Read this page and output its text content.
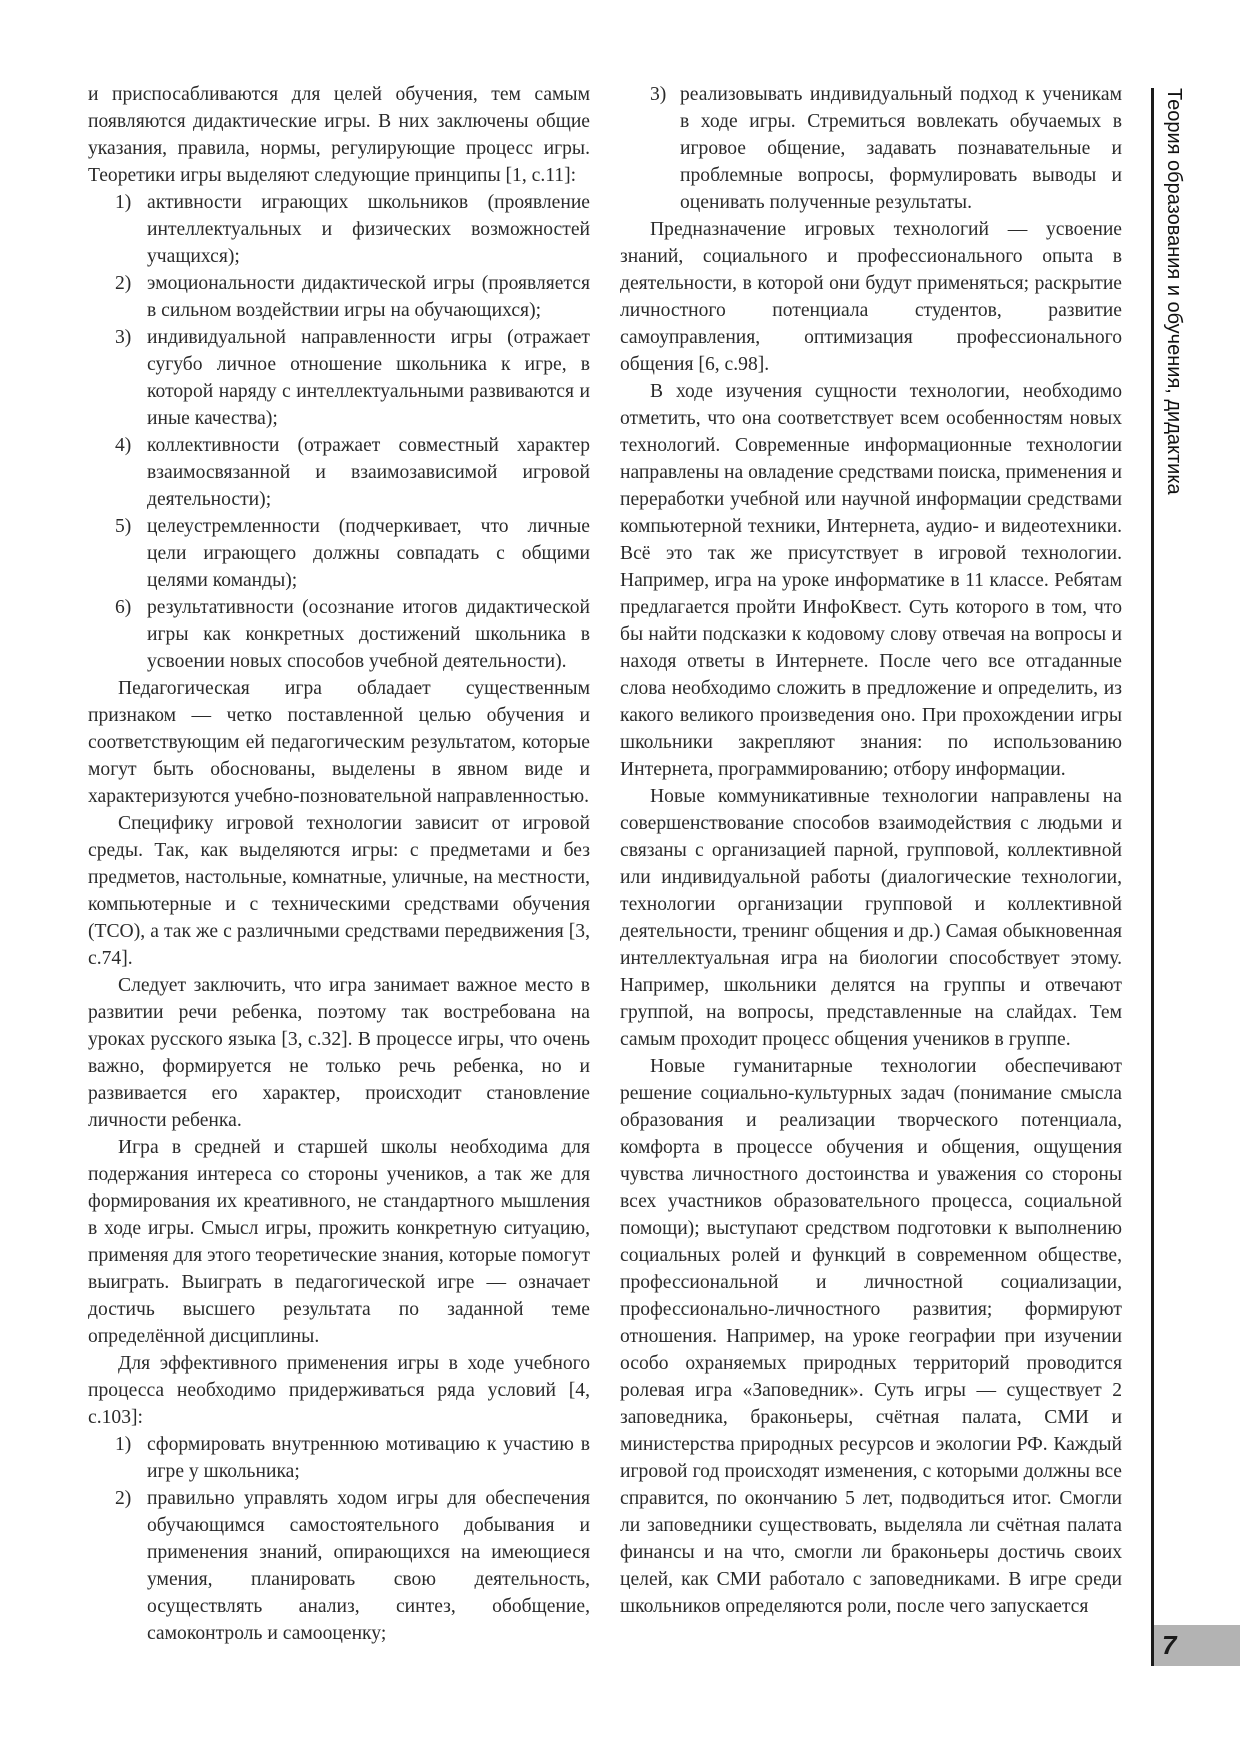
и приспосабливаются для целей обучения, тем самым появляются дидактические игры. В них заключены общие указания, правила, нормы, регулирующие процесс игры. Теоретики игры выделяют следующие принципы [1, с.11]:

1) активности играющих школьников (проявление интеллектуальных и физических возможностей учащихся);
2) эмоциональности дидактической игры (проявляется в сильном воздействии игры на обучающихся);
3) индивидуальной направленности игры (отражает сугубо личное отношение школьника к игре, в которой наряду с интеллектуальными развиваются и иные качества);
4) коллективности (отражает совместный характер взаимосвязанной и взаимозависимой игровой деятельности);
5) целеустремленности (подчеркивает, что личные цели играющего должны совпадать с общими целями команды);
6) результативности (осознание итогов дидактической игры как конкретных достижений школьника в усвоении новых способов учебной деятельности).

Педагогическая игра обладает существенным признаком — четко поставленной целью обучения и соответствующим ей педагогическим результатом, которые могут быть обоснованы, выделены в явном виде и характеризуются учебно-позновательной направленностью.

Специфику игровой технологии зависит от игровой среды. Так, как выделяются игры: с предметами и без предметов, настольные, комнатные, уличные, на местности, компьютерные и с техническими средствами обучения (ТСО), а так же с различными средствами передвижения [3, с.74].

Следует заключить, что игра занимает важное место в развитии речи ребенка, поэтому так востребована на уроках русского языка [3, с.32]. В процессе игры, что очень важно, формируется не только речь ребенка, но и развивается его характер, происходит становление личности ребенка.

Игра в средней и старшей школы необходима для подержания интереса со стороны учеников, а так же для формирования их креативного, не стандартного мышления в ходе игры. Смысл игры, прожить конкретную ситуацию, применяя для этого теоретические знания, которые помогут выиграть. Выиграть в педагогической игре — означает достичь высшего результата по заданной теме определённой дисциплины.

Для эффективного применения игры в ходе учебного процесса необходимо придерживаться ряда условий [4, с.103]:

1) сформировать внутреннюю мотивацию к участию в игре у школьника;
2) правильно управлять ходом игры для обеспечения обучающимся самостоятельного добывания и применения знаний, опирающихся на имеющиеся умения, планировать свою деятельность, осуществлять анализ, синтез, обобщение, самоконтроль и самооценку;
3) реализовывать индивидуальный подход к ученикам в ходе игры. Стремиться вовлекать обучаемых в игровое общение, задавать познавательные и проблемные вопросы, формулировать выводы и оценивать полученные результаты.

Предназначение игровых технологий — усвоение знаний, социального и профессионального опыта в деятельности, в которой они будут применяться; раскрытие личностного потенциала студентов, развитие самоуправления, оптимизация профессионального общения [6, с.98].

В ходе изучения сущности технологии, необходимо отметить, что она соответствует всем особенностям новых технологий. Современные информационные технологии направлены на овладение средствами поиска, применения и переработки учебной или научной информации средствами компьютерной техники, Интернета, аудио- и видеотехники. Всё это так же присутствует в игровой технологии. Например, игра на уроке информатике в 11 классе. Ребятам предлагается пройти ИнфоКвест. Суть которого в том, что бы найти подсказки к кодовому слову отвечая на вопросы и находя ответы в Интернете. После чего все отгаданные слова необходимо сложить в предложение и определить, из какого великого произведения оно. При прохождении игры школьники закрепляют знания: по использованию Интернета, программированию; отбору информации.

Новые коммуникативные технологии направлены на совершенствование способов взаимодействия с людьми и связаны с организацией парной, групповой, коллективной или индивидуальной работы (диалогические технологии, технологии организации групповой и коллективной деятельности, тренинг общения и др.) Самая обыкновенная интеллектуальная игра на биологии способствует этому. Например, школьники делятся на группы и отвечают группой, на вопросы, представленные на слайдах. Тем самым проходит процесс общения учеников в группе.

Новые гуманитарные технологии обеспечивают решение социально-культурных задач (понимание смысла образования и реализации творческого потенциала, комфорта в процессе обучения и общения, ощущения чувства личностного достоинства и уважения со стороны всех участников образовательного процесса, социальной помощи); выступают средством подготовки к выполнению социальных ролей и функций в современном обществе, профессиональной и личностной социализации, профессионально-личностного развития; формируют отношения. Например, на уроке географии при изучении особо охраняемых природных территорий проводится ролевая игра «Заповедник». Суть игры — существует 2 заповедника, браконьеры, счётная палата, СМИ и министерства природных ресурсов и экологии РФ. Каждый игровой год происходят изменения, с которыми должны все справится, по окончанию 5 лет, подводиться итог. Смогли ли заповедники существовать, выделяла ли счётная палата финансы и на что, смогли ли браконьеры достичь своих целей, как СМИ работало с заповедниками. В игре среди школьников определяются роли, после чего запускается

Теория образования и обучения, дидактика
7
